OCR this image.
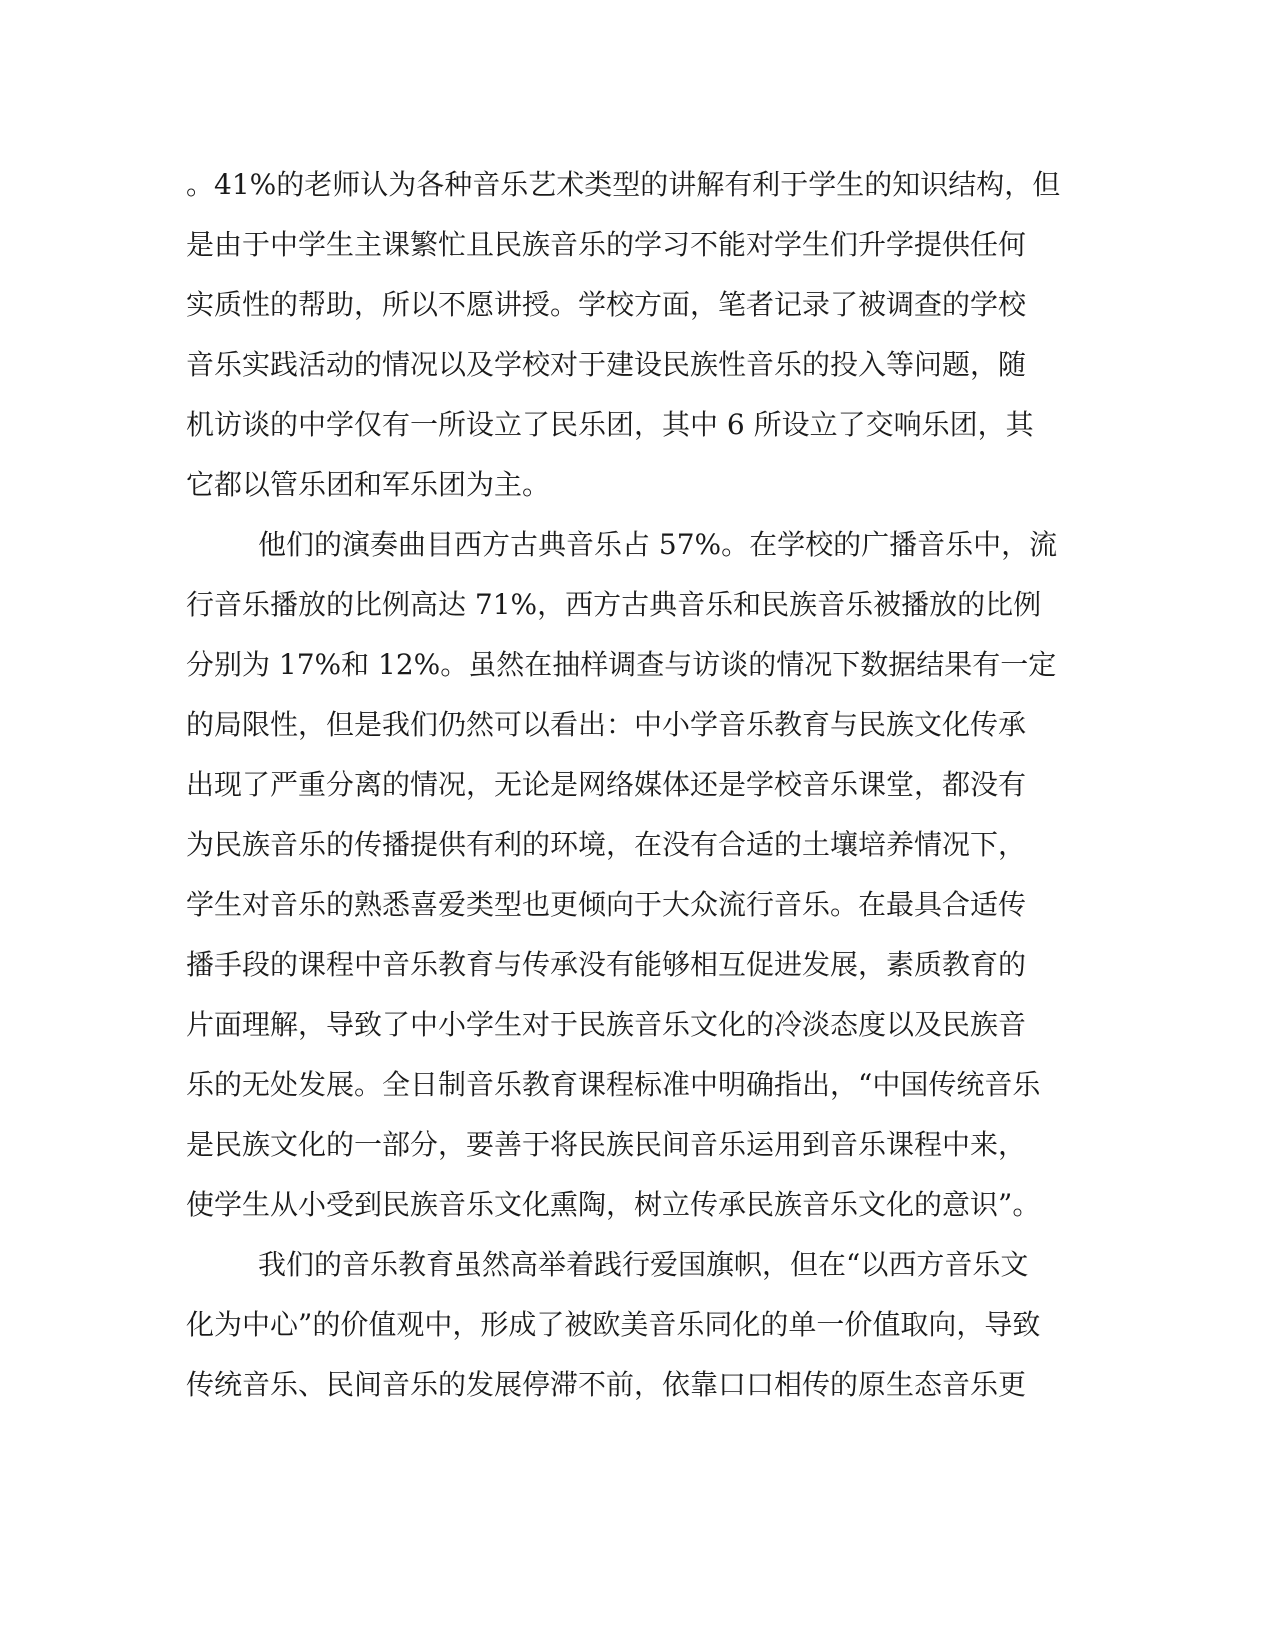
。41%的老师认为各种音乐艺术类型的讲解有利于学生的知识结构，但
是由于中学生主课繁忙且民族音乐的学习不能对学生们升学提供任何
实质性的帮助，所以不愿讲授。学校方面，笔者记录了被调查的学校
音乐实践活动的情况以及学校对于建设民族性音乐的投入等问题，随
机访谈的中学仅有一所设立了民乐团，其中 6 所设立了交响乐团，其
它都以管乐团和军乐团为主。
他们的演奏曲目西方古典音乐占 57%。在学校的广播音乐中，流
行音乐播放的比例高达 71%，西方古典音乐和民族音乐被播放的比例
分别为 17%和 12%。虽然在抽样调查与访谈的情况下数据结果有一定
的局限性，但是我们仍然可以看出：中小学音乐教育与民族文化传承
出现了严重分离的情况，无论是网络媒体还是学校音乐课堂，都没有
为民族音乐的传播提供有利的环境，在没有合适的土壤培养情况下，
学生对音乐的熟悉喜爱类型也更倾向于大众流行音乐。在最具合适传
播手段的课程中音乐教育与传承没有能够相互促进发展，素质教育的
片面理解，导致了中小学生对于民族音乐文化的冷淡态度以及民族音
乐的无处发展。全日制音乐教育课程标准中明确指出，“中国传统音乐
是民族文化的一部分，要善于将民族民间音乐运用到音乐课程中来，
使学生从小受到民族音乐文化熏陶，树立传承民族音乐文化的意识”。
我们的音乐教育虽然高举着践行爱国旗帜，但在“以西方音乐文
化为中心”的价值观中，形成了被欧美音乐同化的单一价值取向，导致
传统音乐、民间音乐的发展停滞不前，依靠口口相传的原生态音乐更
